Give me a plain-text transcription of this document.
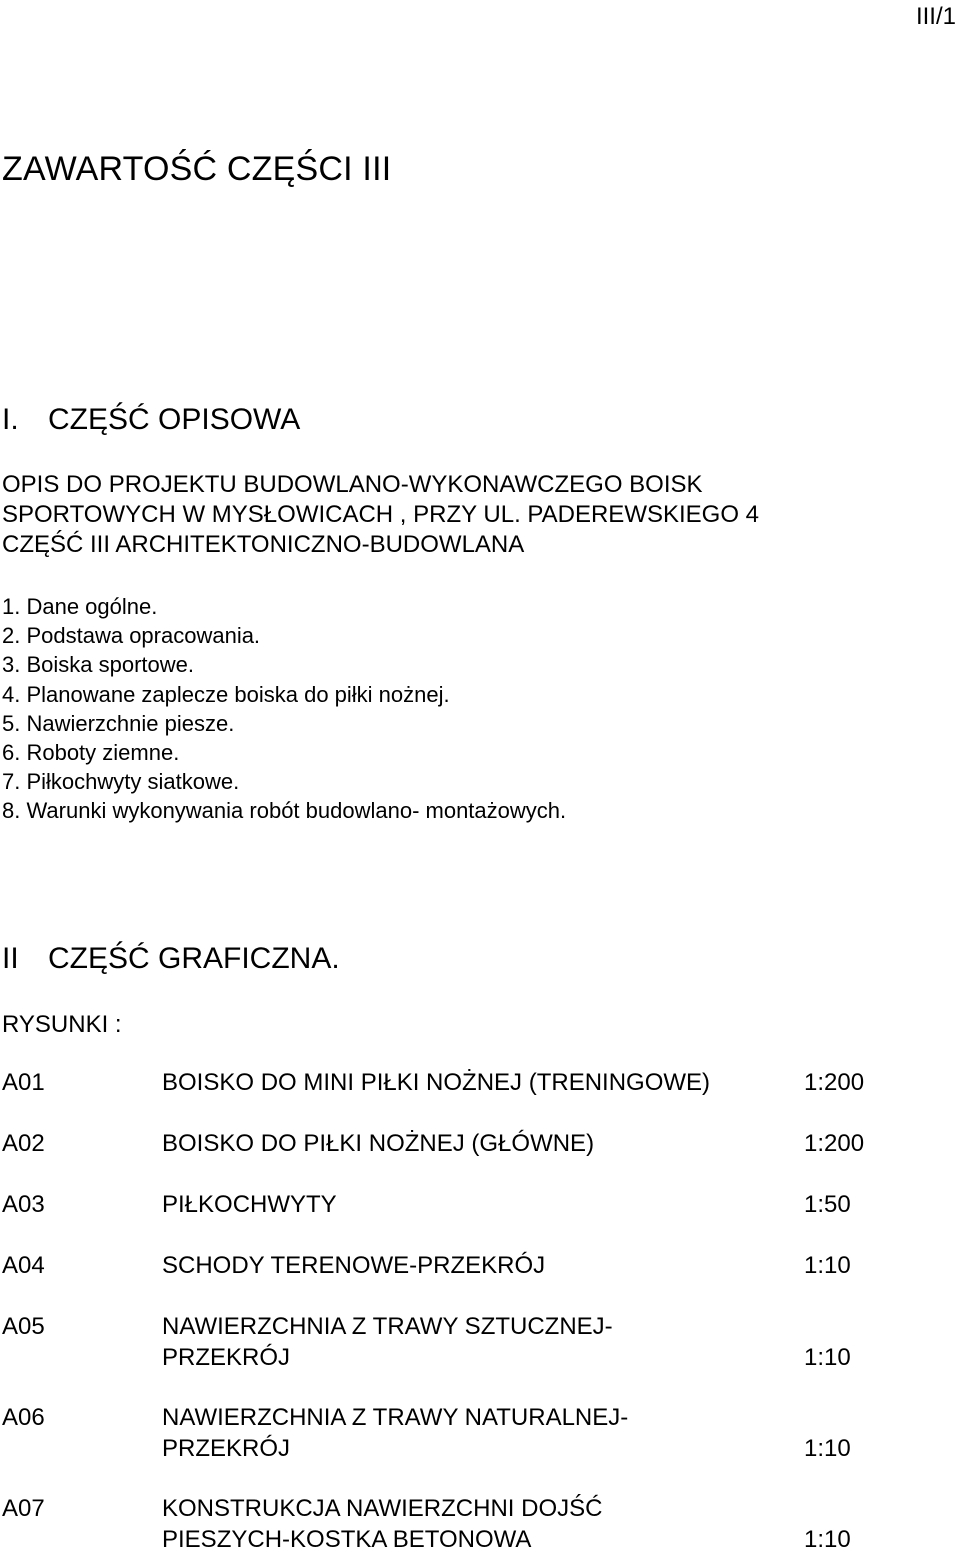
III/1
ZAWARTOŚĆ CZĘŚCI III
I. CZĘŚĆ OPISOWA
OPIS DO PROJEKTU BUDOWLANO-WYKONAWCZEGO BOISK
SPORTOWYCH W MYSŁOWICACH , PRZY UL. PADEREWSKIEGO 4
CZĘŚĆ III ARCHITEKTONICZNO-BUDOWLANA
1. Dane ogólne.
2. Podstawa opracowania.
3. Boiska sportowe.
4. Planowane zaplecze boiska do piłki nożnej.
5. Nawierzchnie piesze.
6. Roboty ziemne.
7. Piłkochwyty siatkowe.
8. Warunki wykonywania robót budowlano- montażowych.
II CZĘŚĆ GRAFICZNA.
RYSUNKI :
A01	BOISKO DO MINI PIŁKI NOŻNEJ (TRENINGOWE)	1:200
A02	BOISKO DO PIŁKI NOŻNEJ (GŁÓWNE)	1:200
A03	PIŁKOCHWYTY	1:50
A04	SCHODY TERENOWE-PRZEKRÓJ	1:10
A05	NAWIERZCHNIA Z TRAWY SZTUCZNEJ-
PRZEKRÓJ	1:10
A06	NAWIERZCHNIA Z TRAWY NATURALNEJ-
PRZEKRÓJ	1:10
A07	KONSTRUKCJA NAWIERZCHNI DOJŚĆ
PIESZYCH-KOSTKA BETONOWA	1:10
